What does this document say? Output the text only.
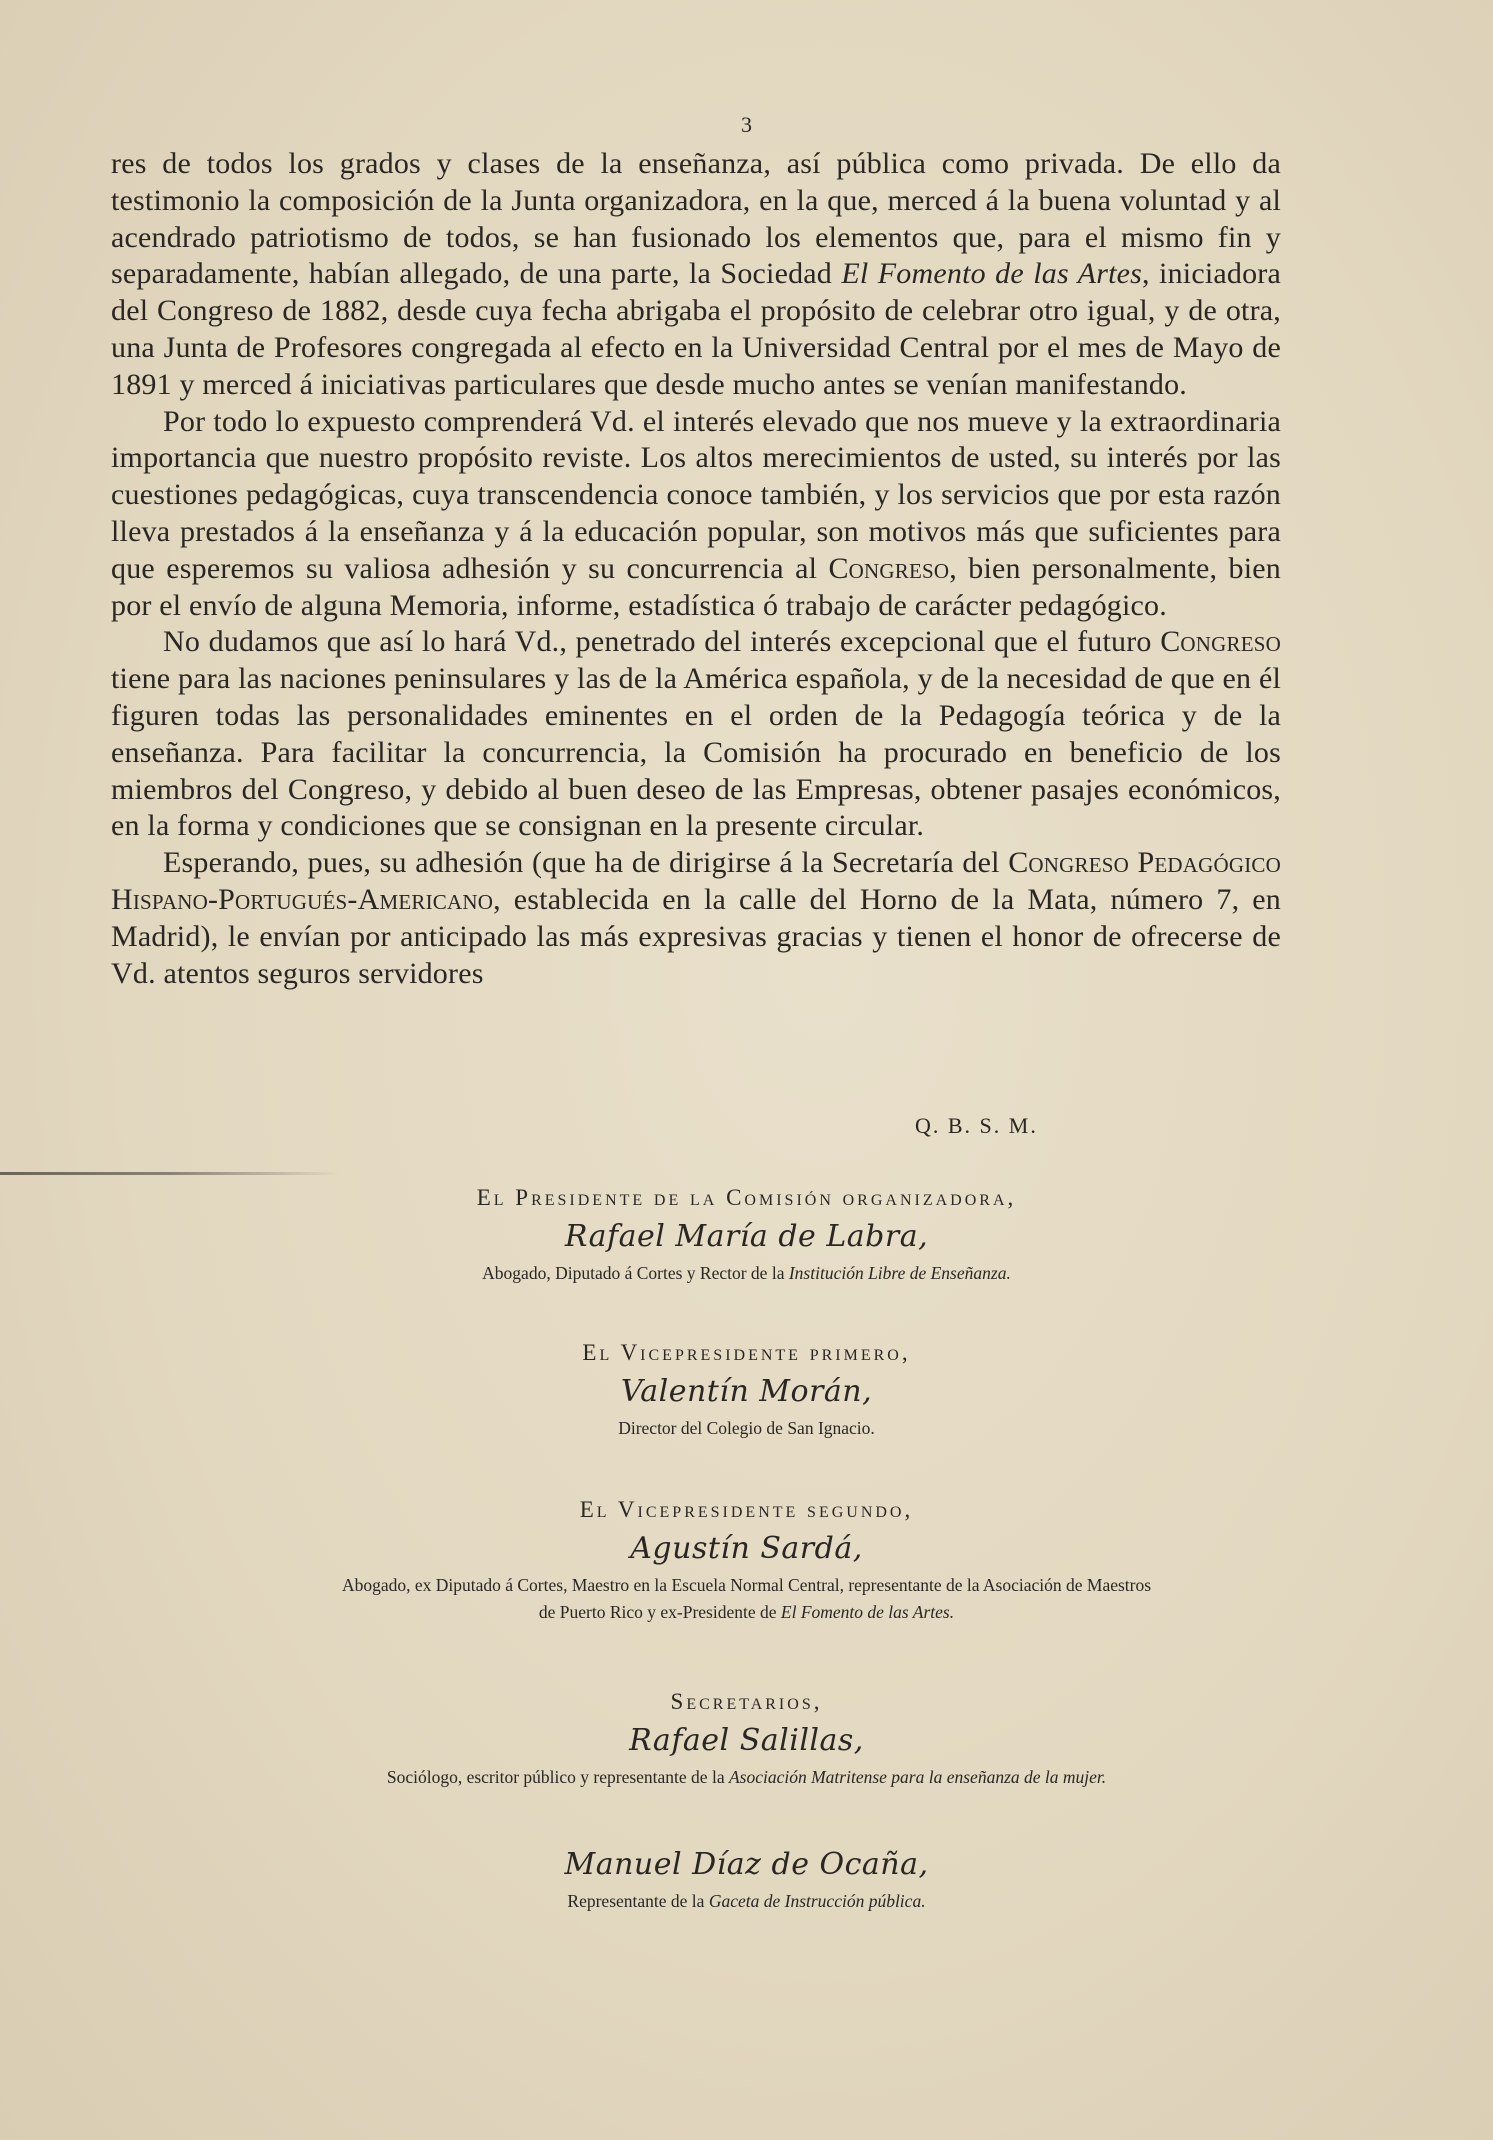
3

res de todos los grados y clases de la enseñanza, así pública como privada. De ello da testimonio la composición de la Junta organizadora, en la que, merced á la buena voluntad y al acendrado patriotismo de todos, se han fusionado los elementos que, para el mismo fin y separadamente, habían allegado, de una parte, la Sociedad El Fomento de las Artes, iniciadora del Congreso de 1882, desde cuya fecha abrigaba el propósito de celebrar otro igual, y de otra, una Junta de Profesores congregada al efecto en la Universidad Central por el mes de Mayo de 1891 y merced á iniciativas particulares que desde mucho antes se venían manifestando.

Por todo lo expuesto comprenderá Vd. el interés elevado que nos mueve y la extraordinaria importancia que nuestro propósito reviste. Los altos merecimientos de usted, su interés por las cuestiones pedagógicas, cuya transcendencia conoce también, y los servicios que por esta razón lleva prestados á la enseñanza y á la educación popular, son motivos más que suficientes para que esperemos su valiosa adhesión y su concurrencia al Congreso, bien personalmente, bien por el envío de alguna Memoria, informe, estadística ó trabajo de carácter pedagógico.

No dudamos que así lo hará Vd., penetrado del interés excepcional que el futuro Congreso tiene para las naciones peninsulares y las de la América española, y de la necesidad de que en él figuren todas las personalidades eminentes en el orden de la Pedagogía teórica y de la enseñanza. Para facilitar la concurrencia, la Comisión ha procurado en beneficio de los miembros del Congreso, y debido al buen deseo de las Empresas, obtener pasajes económicos, en la forma y condiciones que se consignan en la presente circular.

Esperando, pues, su adhesión (que ha de dirigirse á la Secretaría del Congreso Pedagógico Hispano-Portugués-Americano, establecida en la calle del Horno de la Mata, número 7, en Madrid), le envían por anticipado las más expresivas gracias y tienen el honor de ofrecerse de Vd. atentos seguros servidores

Q. B. S. M.

El Presidente de la Comisión organizadora,

Rafael María de Labra,

Abogado, Diputado á Cortes y Rector de la Institución Libre de Enseñanza.

El Vicepresidente primero,

Valentín Morán,

Director del Colegio de San Ignacio.

El Vicepresidente segundo,

Agustín Sardá,

Abogado, ex Diputado á Cortes, Maestro en la Escuela Normal Central, representante de la Asociación de Maestros
de Puerto Rico y ex-Presidente de El Fomento de las Artes.

Secretarios,

Rafael Salillas,

Sociólogo, escritor público y representante de la Asociación Matritense para la enseñanza de la mujer.

Manuel Díaz de Ocaña,

Representante de la Gaceta de Instrucción pública.
